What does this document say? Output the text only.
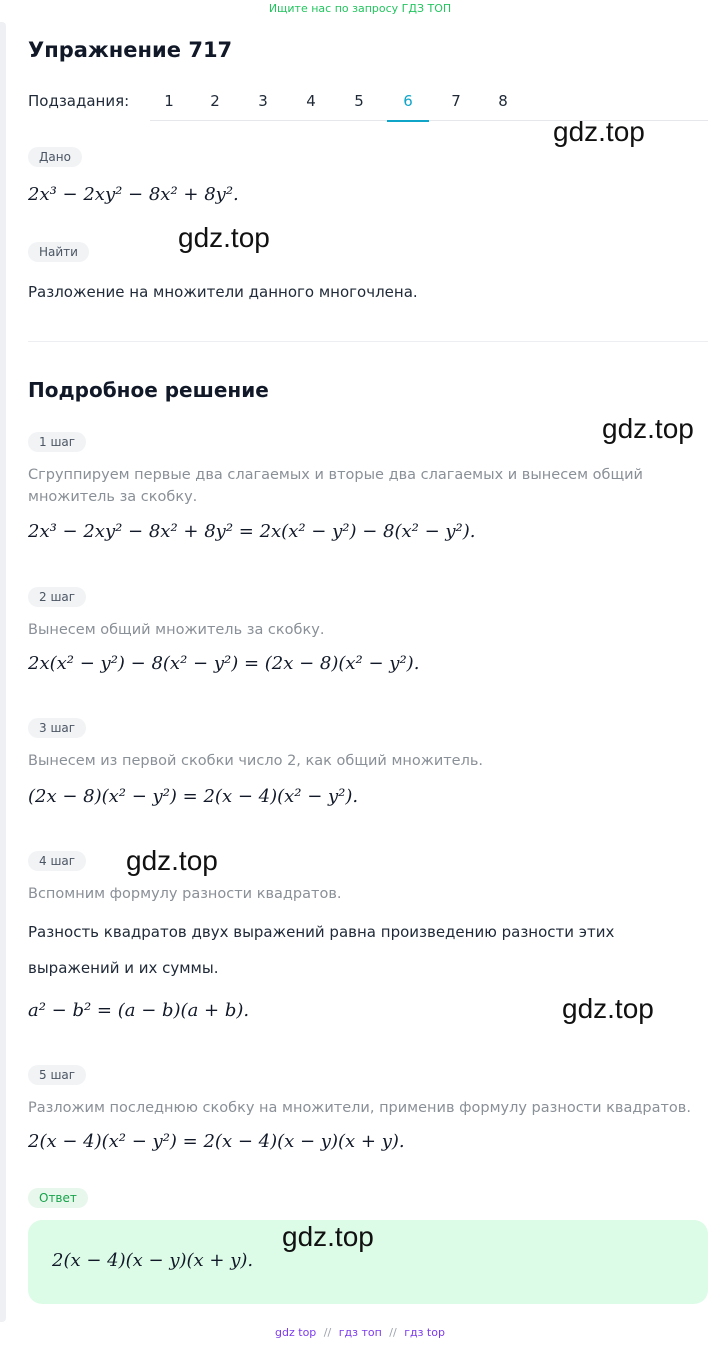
Ищите нас по запросу ГДЗ ТОП
Упражнение 717
Подзадания:	1	2	3	4	5	6	7	8
Дано
2x³ − 2xy² − 8x² + 8y².
Найти
Разложение на множители данного многочлена.
Подробное решение
1 шаг
Сгруппируем первые два слагаемых и вторые два слагаемых и вынесем общий множитель за скобку.
2x³ − 2xy² − 8x² + 8y² = 2x(x² − y²) − 8(x² − y²).
2 шаг
Вынесем общий множитель за скобку.
2x(x² − y²) − 8(x² − y²) = (2x − 8)(x² − y²).
3 шаг
Вынесем из первой скобки число 2, как общий множитель.
(2x − 8)(x² − y²) = 2(x − 4)(x² − y²).
4 шаг
Вспомним формулу разности квадратов.
Разность квадратов двух выражений равна произведению разности этих выражений и их суммы.
a² − b² = (a − b)(a + b).
5 шаг
Разложим последнюю скобку на множители, применив формулу разности квадратов.
2(x − 4)(x² − y²) = 2(x − 4)(x − y)(x + y).
Ответ
2(x − 4)(x − y)(x + y).
gdz.top
gdz.top
gdz.top
gdz.top
gdz.top
gdz.top
gdz top // гдз топ // гдз top
